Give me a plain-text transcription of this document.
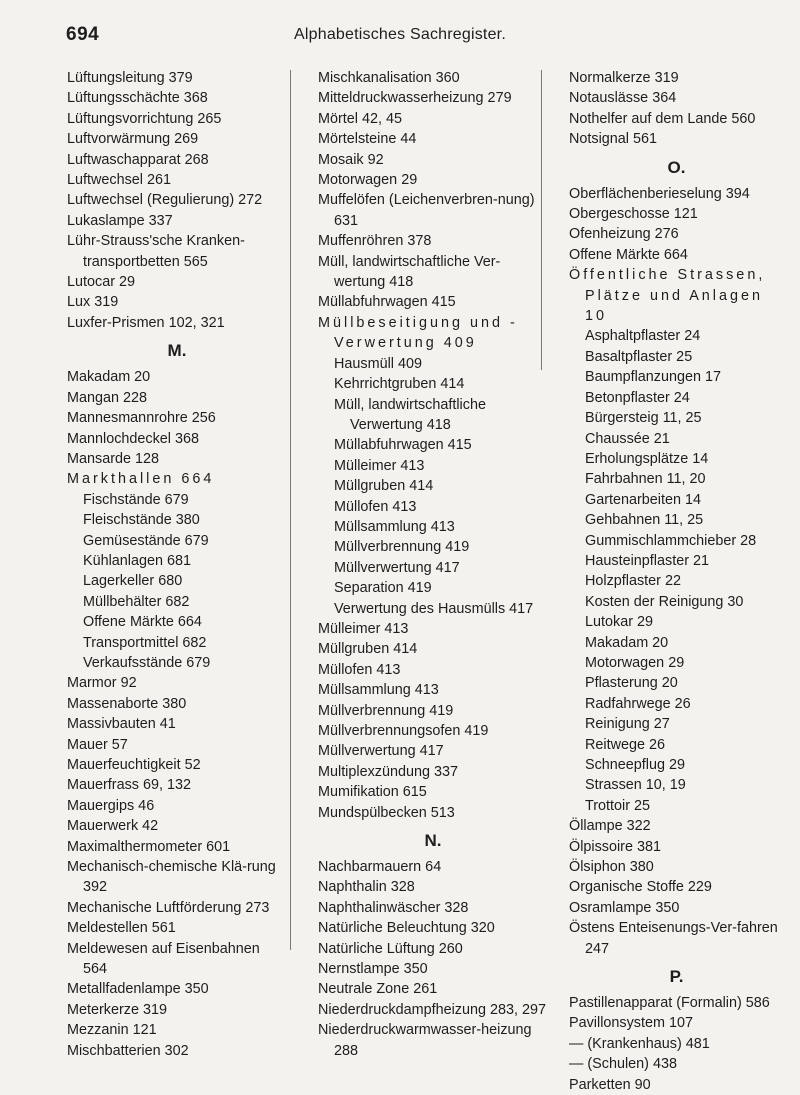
694	Alphabetisches Sachregister.
Lüftungsleitung 379
Lüftungsschächte 368
Lüftungsvorrichtung 265
Luftvorwärmung 269
Luftwaschapparat 268
Luftwechsel 261
Luftwechsel (Regulierung) 272
Lukaslampe 337
Lühr-Strauss'sche Kranken-transportbetten 565
Lutocar 29
Lux 319
Luxfer-Prismen 102, 321
M.
Makadam 20
Mangan 228
Mannesmannrohre 256
Mannlochdeckel 368
Mansarde 128
Markthallen 664
Fischstände 679
Fleischstände 380
Gemüsestände 679
Kühlanlagen 681
Lagerkeller 680
Müllbehälter 682
Offene Märkte 664
Transportmittel 682
Verkaufsstände 679
Marmor 92
Massenaborte 380
Massivbauten 41
Mauer 57
Mauerfeuchtigkeit 52
Mauerfrass 69, 132
Mauergips 46
Mauerwerk 42
Maximalthermometer 601
Mechanisch-chemische Klä-rung 392
Mechanische Luftförderung 273
Meldestellen 561
Meldewesen auf Eisenbahnen 564
Metallfadenlampe 350
Meterkerze 319
Mezzanin 121
Mischbatterien 302
Mischkanalisation 360
Mitteldruckwasserheizung 279
Mörtel 42, 45
Mörtelsteine 44
Mosaik 92
Motorwagen 29
Muffelöfen (Leichenverbren-nung) 631
Muffenröhren 378
Müll, landwirtschaftliche Ver-wertung 418
Müllabfuhrwagen 415
Müllbeseitigung und -Verwertung 409
Hausmüll 409
Kehrrichtgruben 414
Müll, landwirtschaftliche Verwertung 418
Müllabfuhrwagen 415
Mülleimer 413
Müllgruben 414
Müllofen 413
Müllsammlung 413
Müllverbrennung 419
Müllverwertung 417
Separation 419
Verwertung des Hausmülls 417
Mülleimer 413
Müllgruben 414
Müllofen 413
Müllsammlung 413
Müllverbrennung 419
Müllverbrennungsofen 419
Müllverwertung 417
Multiplexzündung 337
Mumifikation 615
Mundspülbecken 513
N.
Nachbarmauern 64
Naphthalin 328
Naphthalinwäscher 328
Natürliche Beleuchtung 320
Natürliche Lüftung 260
Nernstlampe 350
Neutrale Zone 261
Niederdruckdampfheizung 283, 297
Niederdruckwarmwasser-heizung 288
Normalkerze 319
Notauslässe 364
Nothelfer auf dem Lande 560
Notsignal 561
O.
Oberflächenberieselung 394
Obergeschosse 121
Ofenheizung 276
Offene Märkte 664
Öffentliche Strassen, Plätze und Anlagen 10
Asphaltpflaster 24
Basaltpflaster 25
Baumpflanzungen 17
Betonpflaster 24
Bürgersteig 11, 25
Chaussée 21
Erholungsplätze 14
Fahrbahnen 11, 20
Gartenarbeiten 14
Gehbahnen 11, 25
Gummischlammchieber 28
Hausteinpflaster 21
Holzpflaster 22
Kosten der Reinigung 30
Lutokar 29
Makadam 20
Motorwagen 29
Pflasterung 20
Radfahrwege 26
Reinigung 27
Reitwege 26
Schneepflug 29
Strassen 10, 19
Trottoir 25
Öllampe 322
Ölpissoire 381
Ölsiphon 380
Organische Stoffe 229
Osramlampe 350
Östens Enteisenungs-Ver-fahren 247
P.
Pastillenapparat (Formalin) 586
Pavillonsystem 107
— (Krankenhaus) 481
— (Schulen) 438
Parketten 90
